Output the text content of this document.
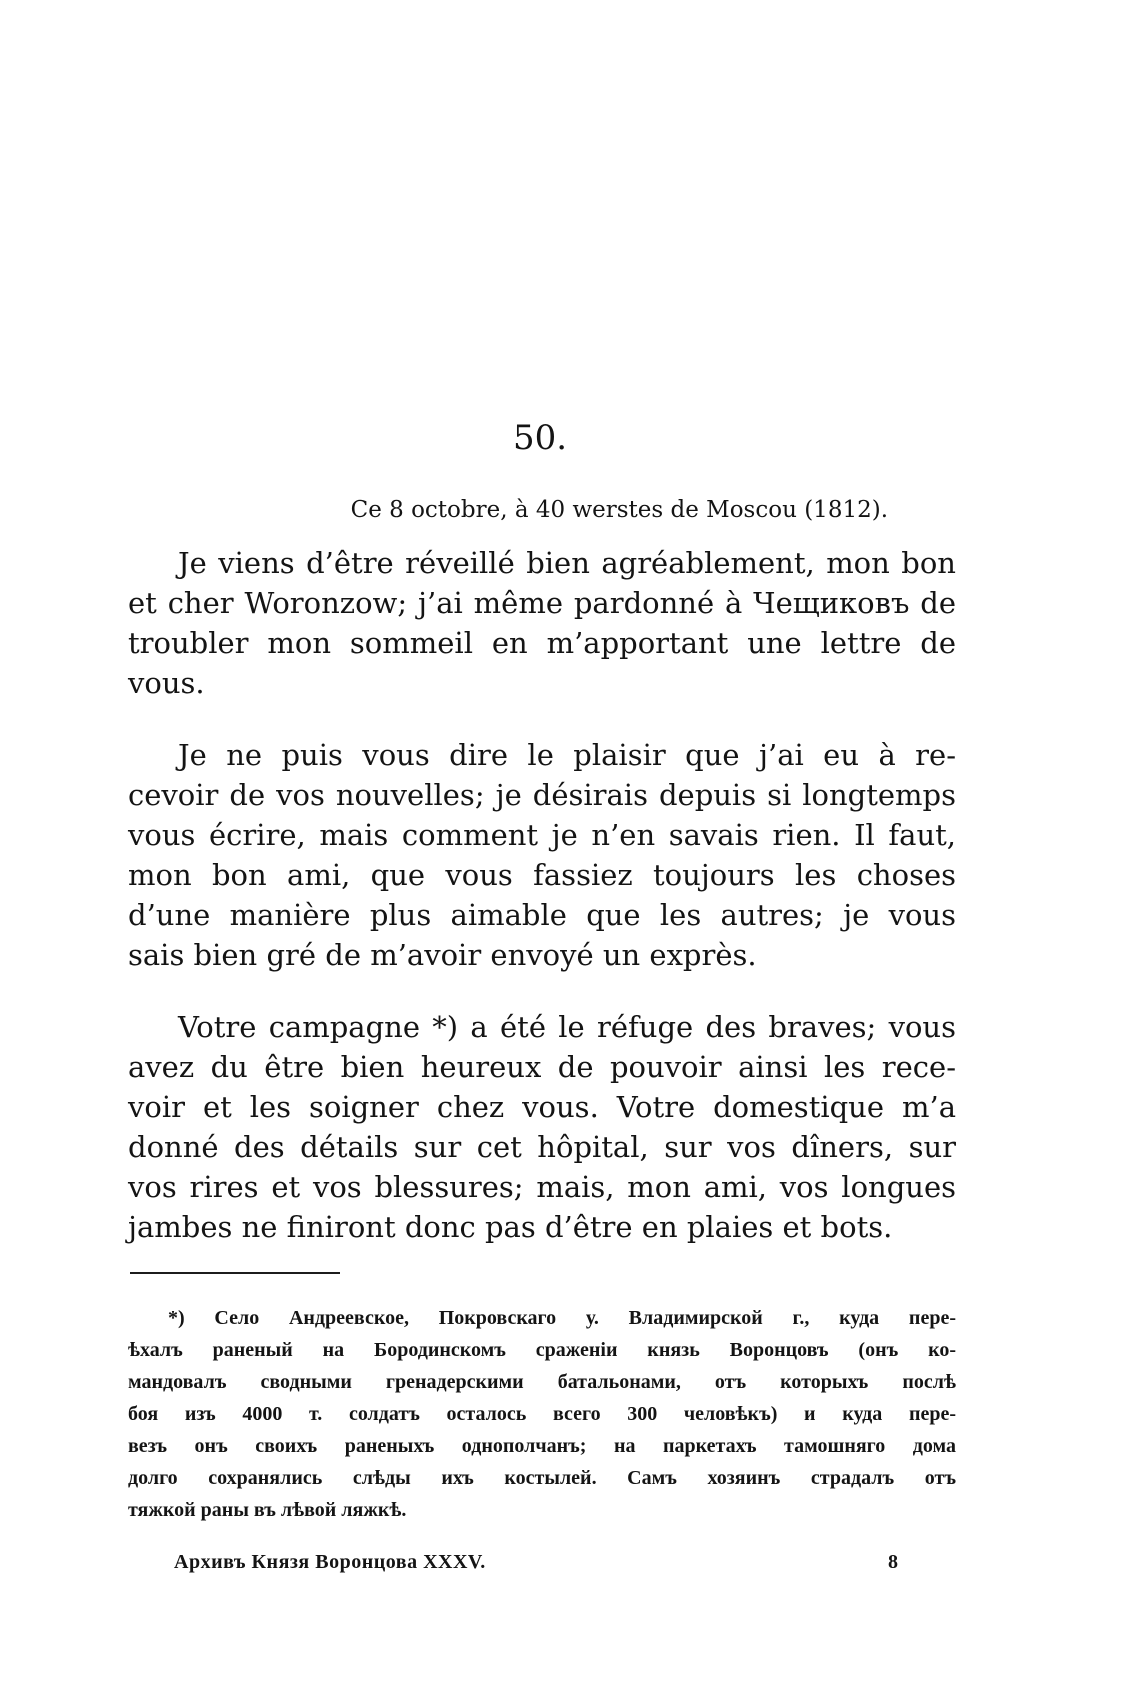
50.
Ce 8 octobre, à 40 werstes de Moscou (1812).

Je viens d’être réveillé bien agréablement, mon bon
et cher Woronzow; j’ai même pardonné à Чещиковъ de
troubler mon sommeil en m’apportant une lettre de
vous.

Je ne puis vous dire le plaisir que j’ai eu à re-
cevoir de vos nouvelles; je désirais depuis si longtemps
vous écrire, mais comment je n’en savais rien. Il faut,
mon bon ami, que vous fassiez toujours les choses
d’une manière plus aimable que les autres; je vous
sais bien gré de m’avoir envoyé un exprès.

Votre campagne *) a été le réfuge des braves; vous
avez du être bien heureux de pouvoir ainsi les rece-
voir et les soigner chez vous. Votre domestique m’a
donné des détails sur cet hôpital, sur vos dîners, sur
vos rires et vos blessures; mais, mon ami, vos longues
jambes ne finiront donc pas d’être en plaies et bots.

*) Село Андреевское, Покровскаго у. Владимирской г., куда пере-
ѣхалъ раненый на Бородинскомъ сраженіи князь Воронцовъ (онъ ко-
мандовалъ сводными гренадерскими батальонами, отъ которыхъ послѣ
боя изъ 4000 т. солдатъ осталось всего 300 человѣкъ) и куда пере-
везъ онъ своихъ раненыхъ однополчанъ; на паркетахъ тамошняго дома
долго сохранялись слѣды ихъ костылей. Самъ хозяинъ страдалъ отъ
тяжкой раны въ лѣвой ляжкѣ.
Архивъ Князя Воронцова XXXV.	8
